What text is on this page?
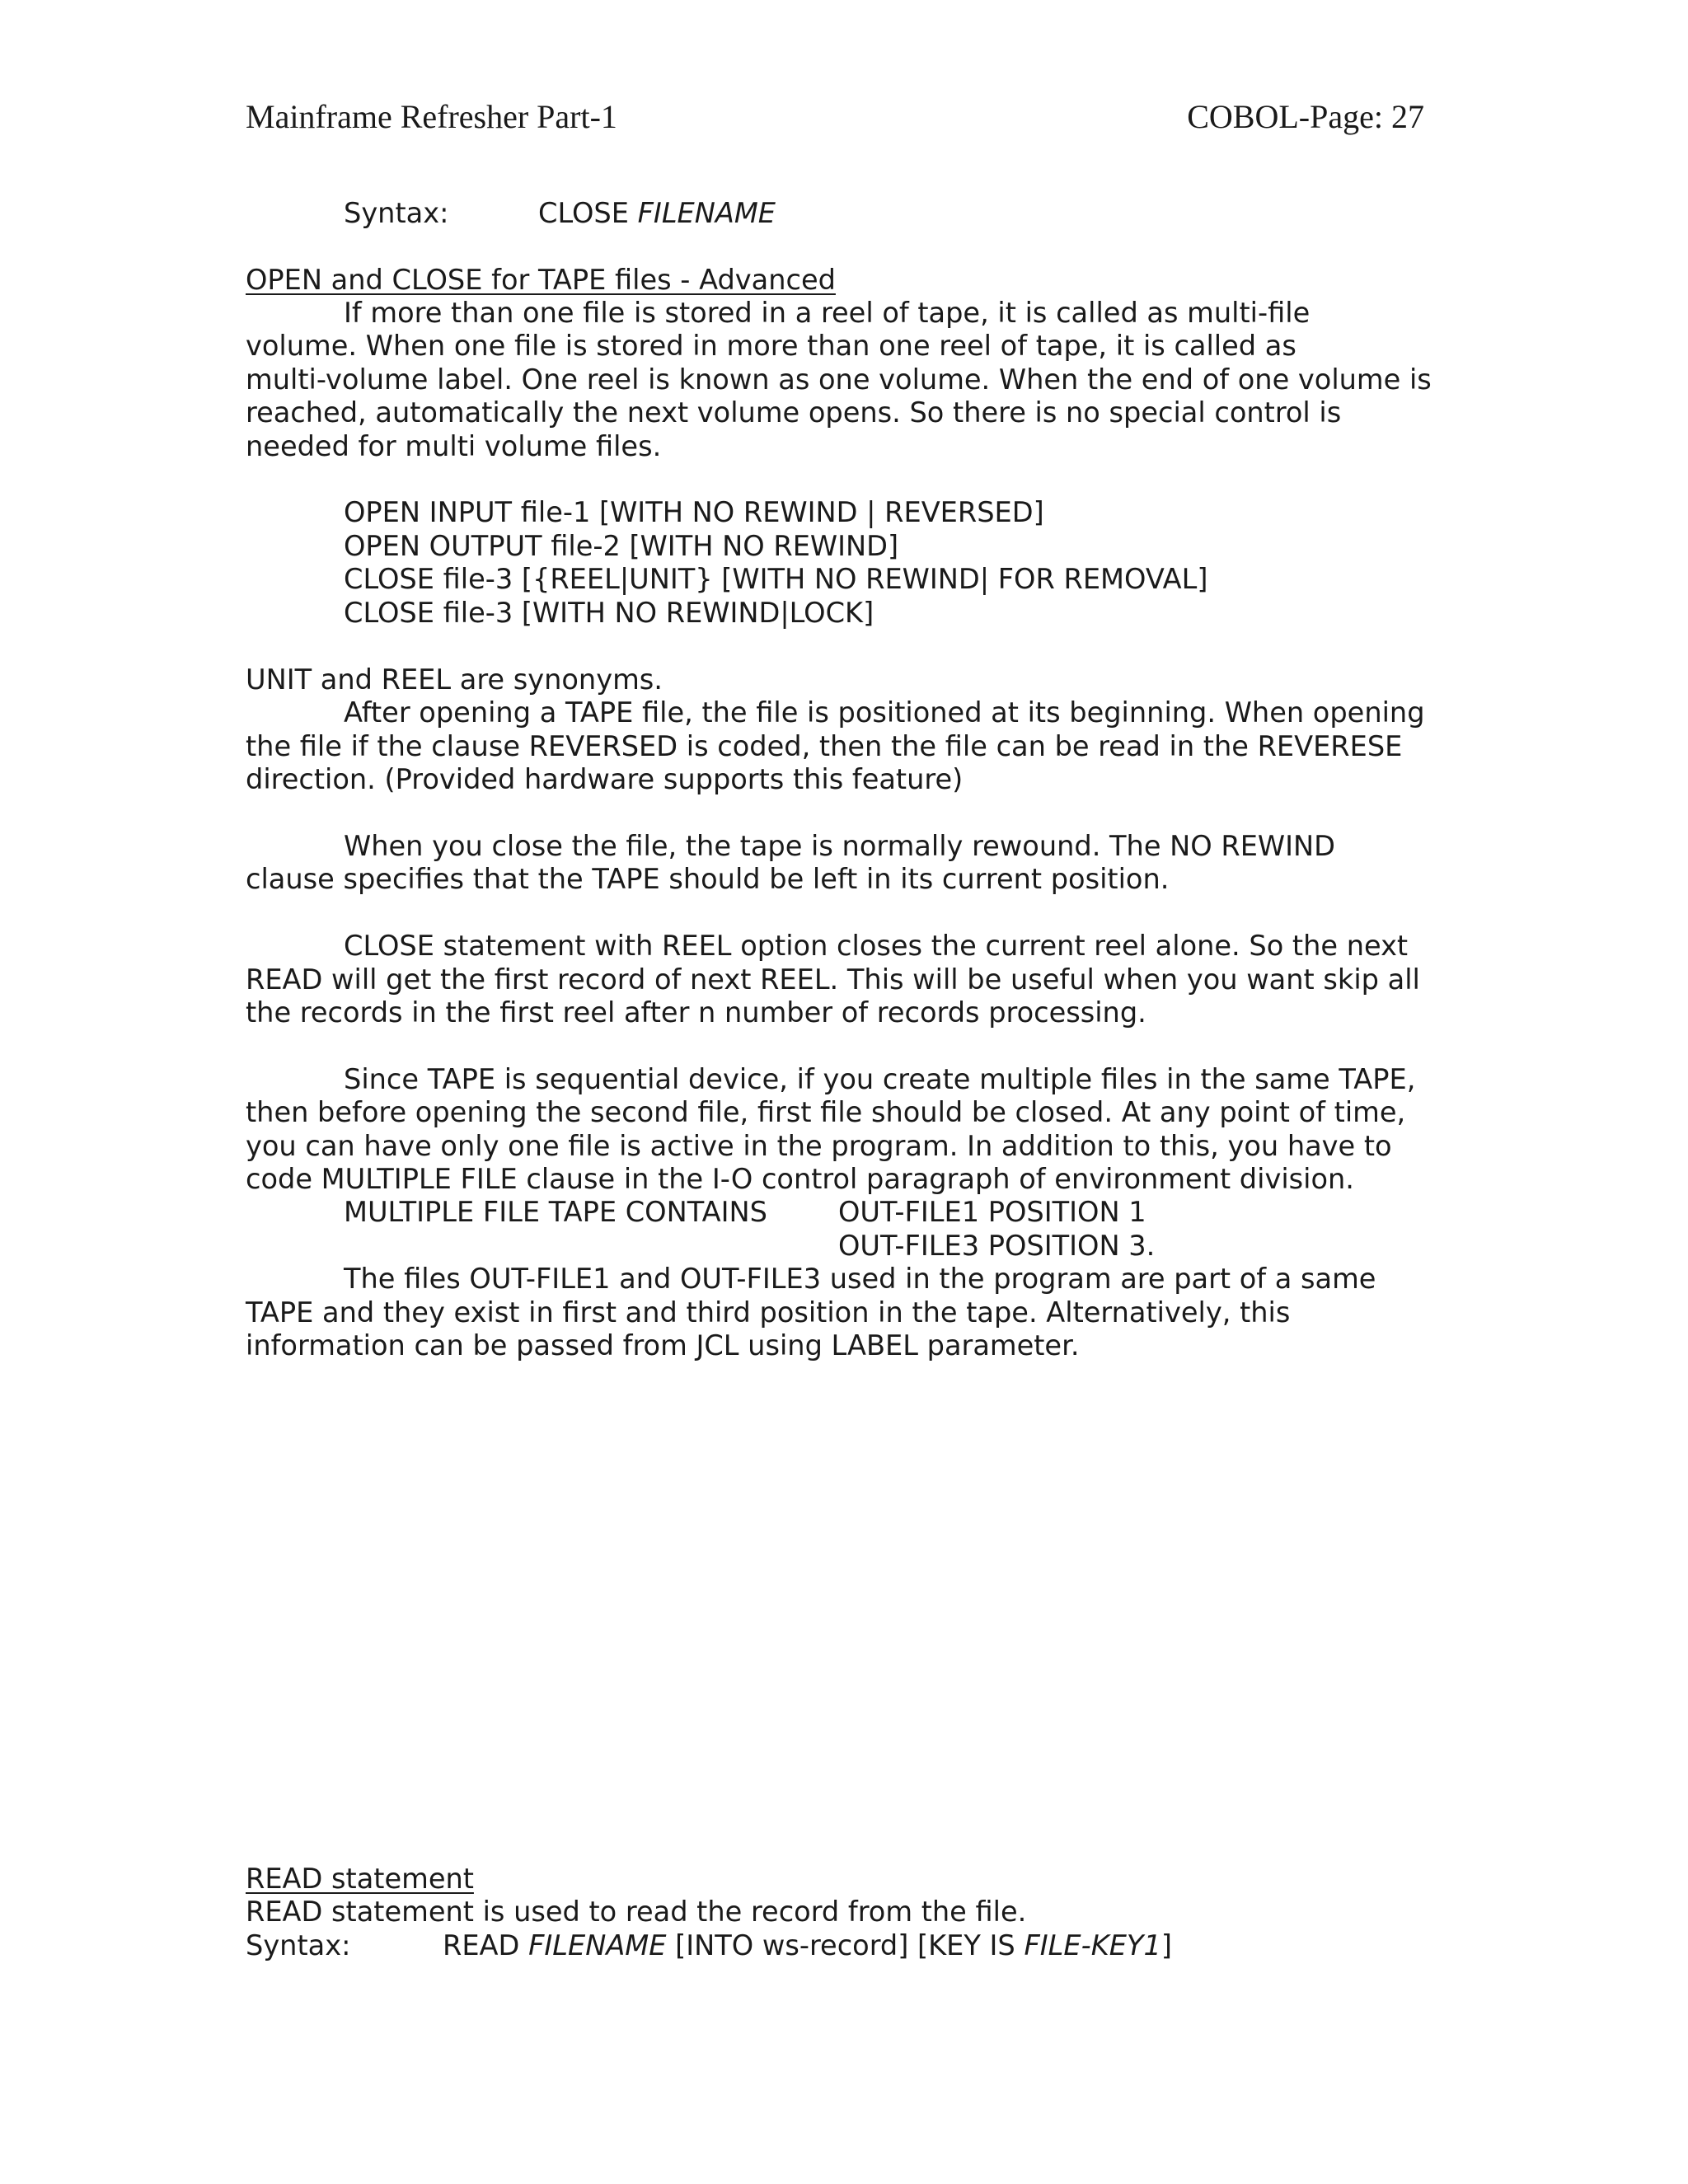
Mainframe Refresher Part-1	COBOL-Page: 27
Syntax:	CLOSE FILENAME
OPEN and CLOSE for TAPE files - Advanced
If more than one file is stored in a reel of tape, it is called as multi-file
volume. When one file is stored in more than one reel of tape, it is called as
multi-volume label. One reel is known as one volume. When the end of one volume is
reached, automatically the next volume opens. So there is no special control is
needed for multi volume files.
OPEN INPUT file-1 [WITH NO REWIND | REVERSED]
OPEN OUTPUT file-2 [WITH NO REWIND]
CLOSE file-3 [{REEL|UNIT} [WITH NO REWIND| FOR REMOVAL]
CLOSE file-3 [WITH NO REWIND|LOCK]
UNIT and REEL are synonyms.
After opening a TAPE file, the file is positioned at its beginning. When opening
the file if the clause REVERSED is coded, then the file can be read in the REVERESE
direction. (Provided hardware supports this feature)
When you close the file, the tape is normally rewound. The NO REWIND
clause specifies that the TAPE should be left in its current position.
CLOSE statement with REEL option closes the current reel alone. So the next
READ will get the first record of next REEL. This will be useful when you want skip all
the records in the first reel after n number of records processing.
Since TAPE is sequential device, if you create multiple files in the same TAPE,
then before opening the second file, first file should be closed. At any point of time,
you can have only one file is active in the program. In addition to this, you have to
code MULTIPLE FILE clause in the I-O control paragraph of environment division.
MULTIPLE FILE TAPE CONTAINS	OUT-FILE1 POSITION 1
OUT-FILE3 POSITION 3.
The files OUT-FILE1 and OUT-FILE3 used in the program are part of a same
TAPE and they exist in first and third position in the tape. Alternatively, this
information can be passed from JCL using LABEL parameter.
READ statement
READ statement is used to read the record from the file.
Syntax:	READ FILENAME [INTO ws-record] [KEY IS FILE-KEY1]
